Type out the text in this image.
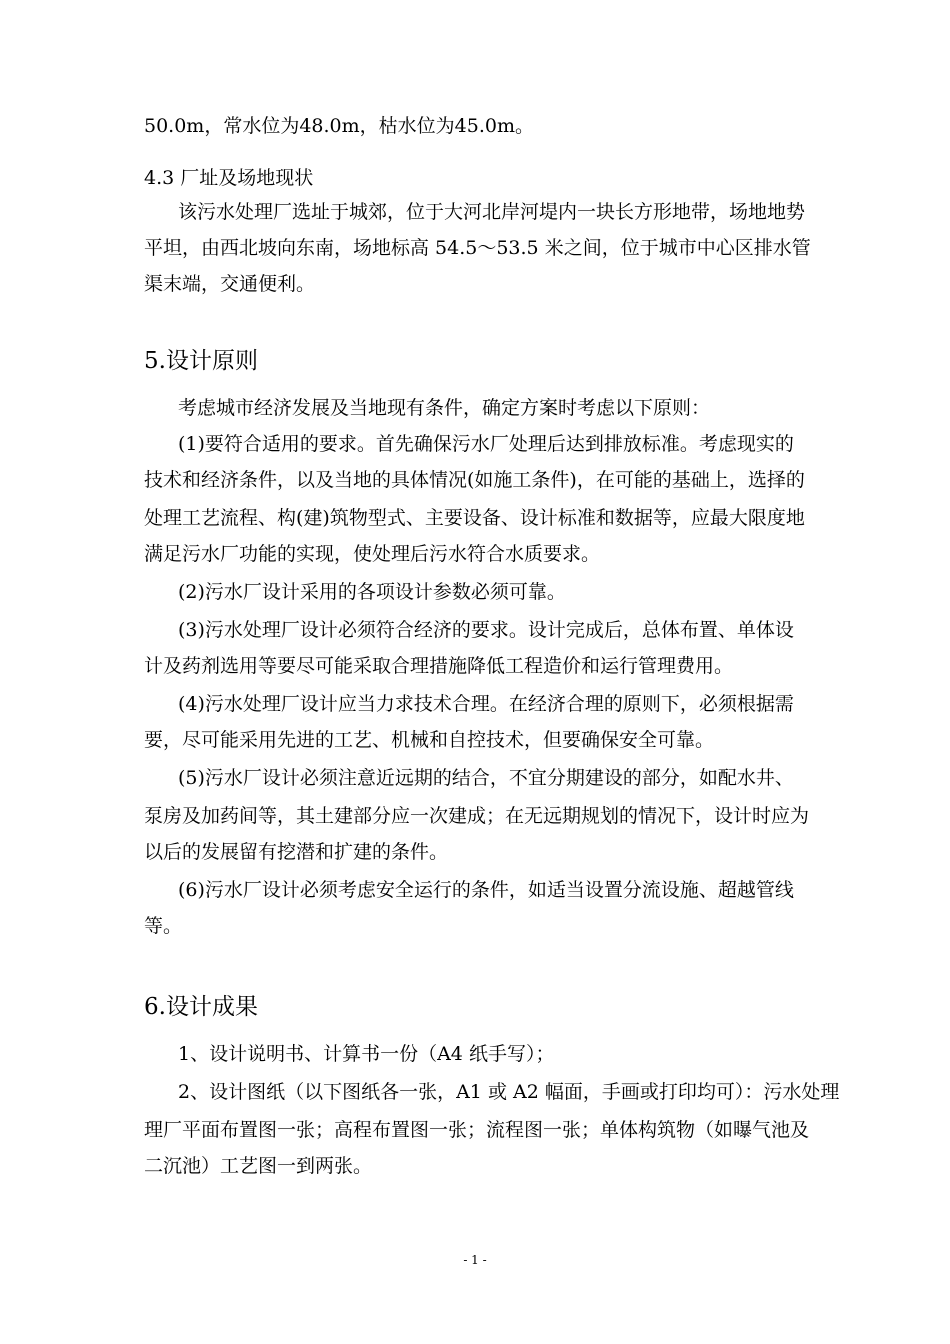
50.0m，常水位为48.0m，枯水位为45.0m。

4.3 厂址及场地现状

该污水处理厂选址于城郊，位于大河北岸河堤内一块长方形地带，场地地势

平坦，由西北坡向东南，场地标高 54.5～53.5 米之间，位于城市中心区排水管

渠末端，交通便利。

5.设计原则

考虑城市经济发展及当地现有条件，确定方案时考虑以下原则：

(1)要符合适用的要求。首先确保污水厂处理后达到排放标准。考虑现实的

技术和经济条件，以及当地的具体情况(如施工条件)，在可能的基础上，选择的

处理工艺流程、构(建)筑物型式、主要设备、设计标准和数据等，应最大限度地

满足污水厂功能的实现，使处理后污水符合水质要求。

(2)污水厂设计采用的各项设计参数必须可靠。

(3)污水处理厂设计必须符合经济的要求。设计完成后，总体布置、单体设

计及药剂选用等要尽可能采取合理措施降低工程造价和运行管理费用。

(4)污水处理厂设计应当力求技术合理。在经济合理的原则下，必须根据需

要，尽可能采用先进的工艺、机械和自控技术，但要确保安全可靠。

(5)污水厂设计必须注意近远期的结合，不宜分期建设的部分，如配水井、

泵房及加药间等，其土建部分应一次建成；在无远期规划的情况下，设计时应为

以后的发展留有挖潜和扩建的条件。

(6)污水厂设计必须考虑安全运行的条件，如适当设置分流设施、超越管线

等。

6.设计成果

1、设计说明书、计算书一份（A4 纸手写）；

2、设计图纸（以下图纸各一张，A1 或 A2 幅面，手画或打印均可）：污水处理

理厂平面布置图一张；高程布置图一张；流程图一张；单体构筑物（如曝气池及

二沉池）工艺图一到两张。

- 1 -
